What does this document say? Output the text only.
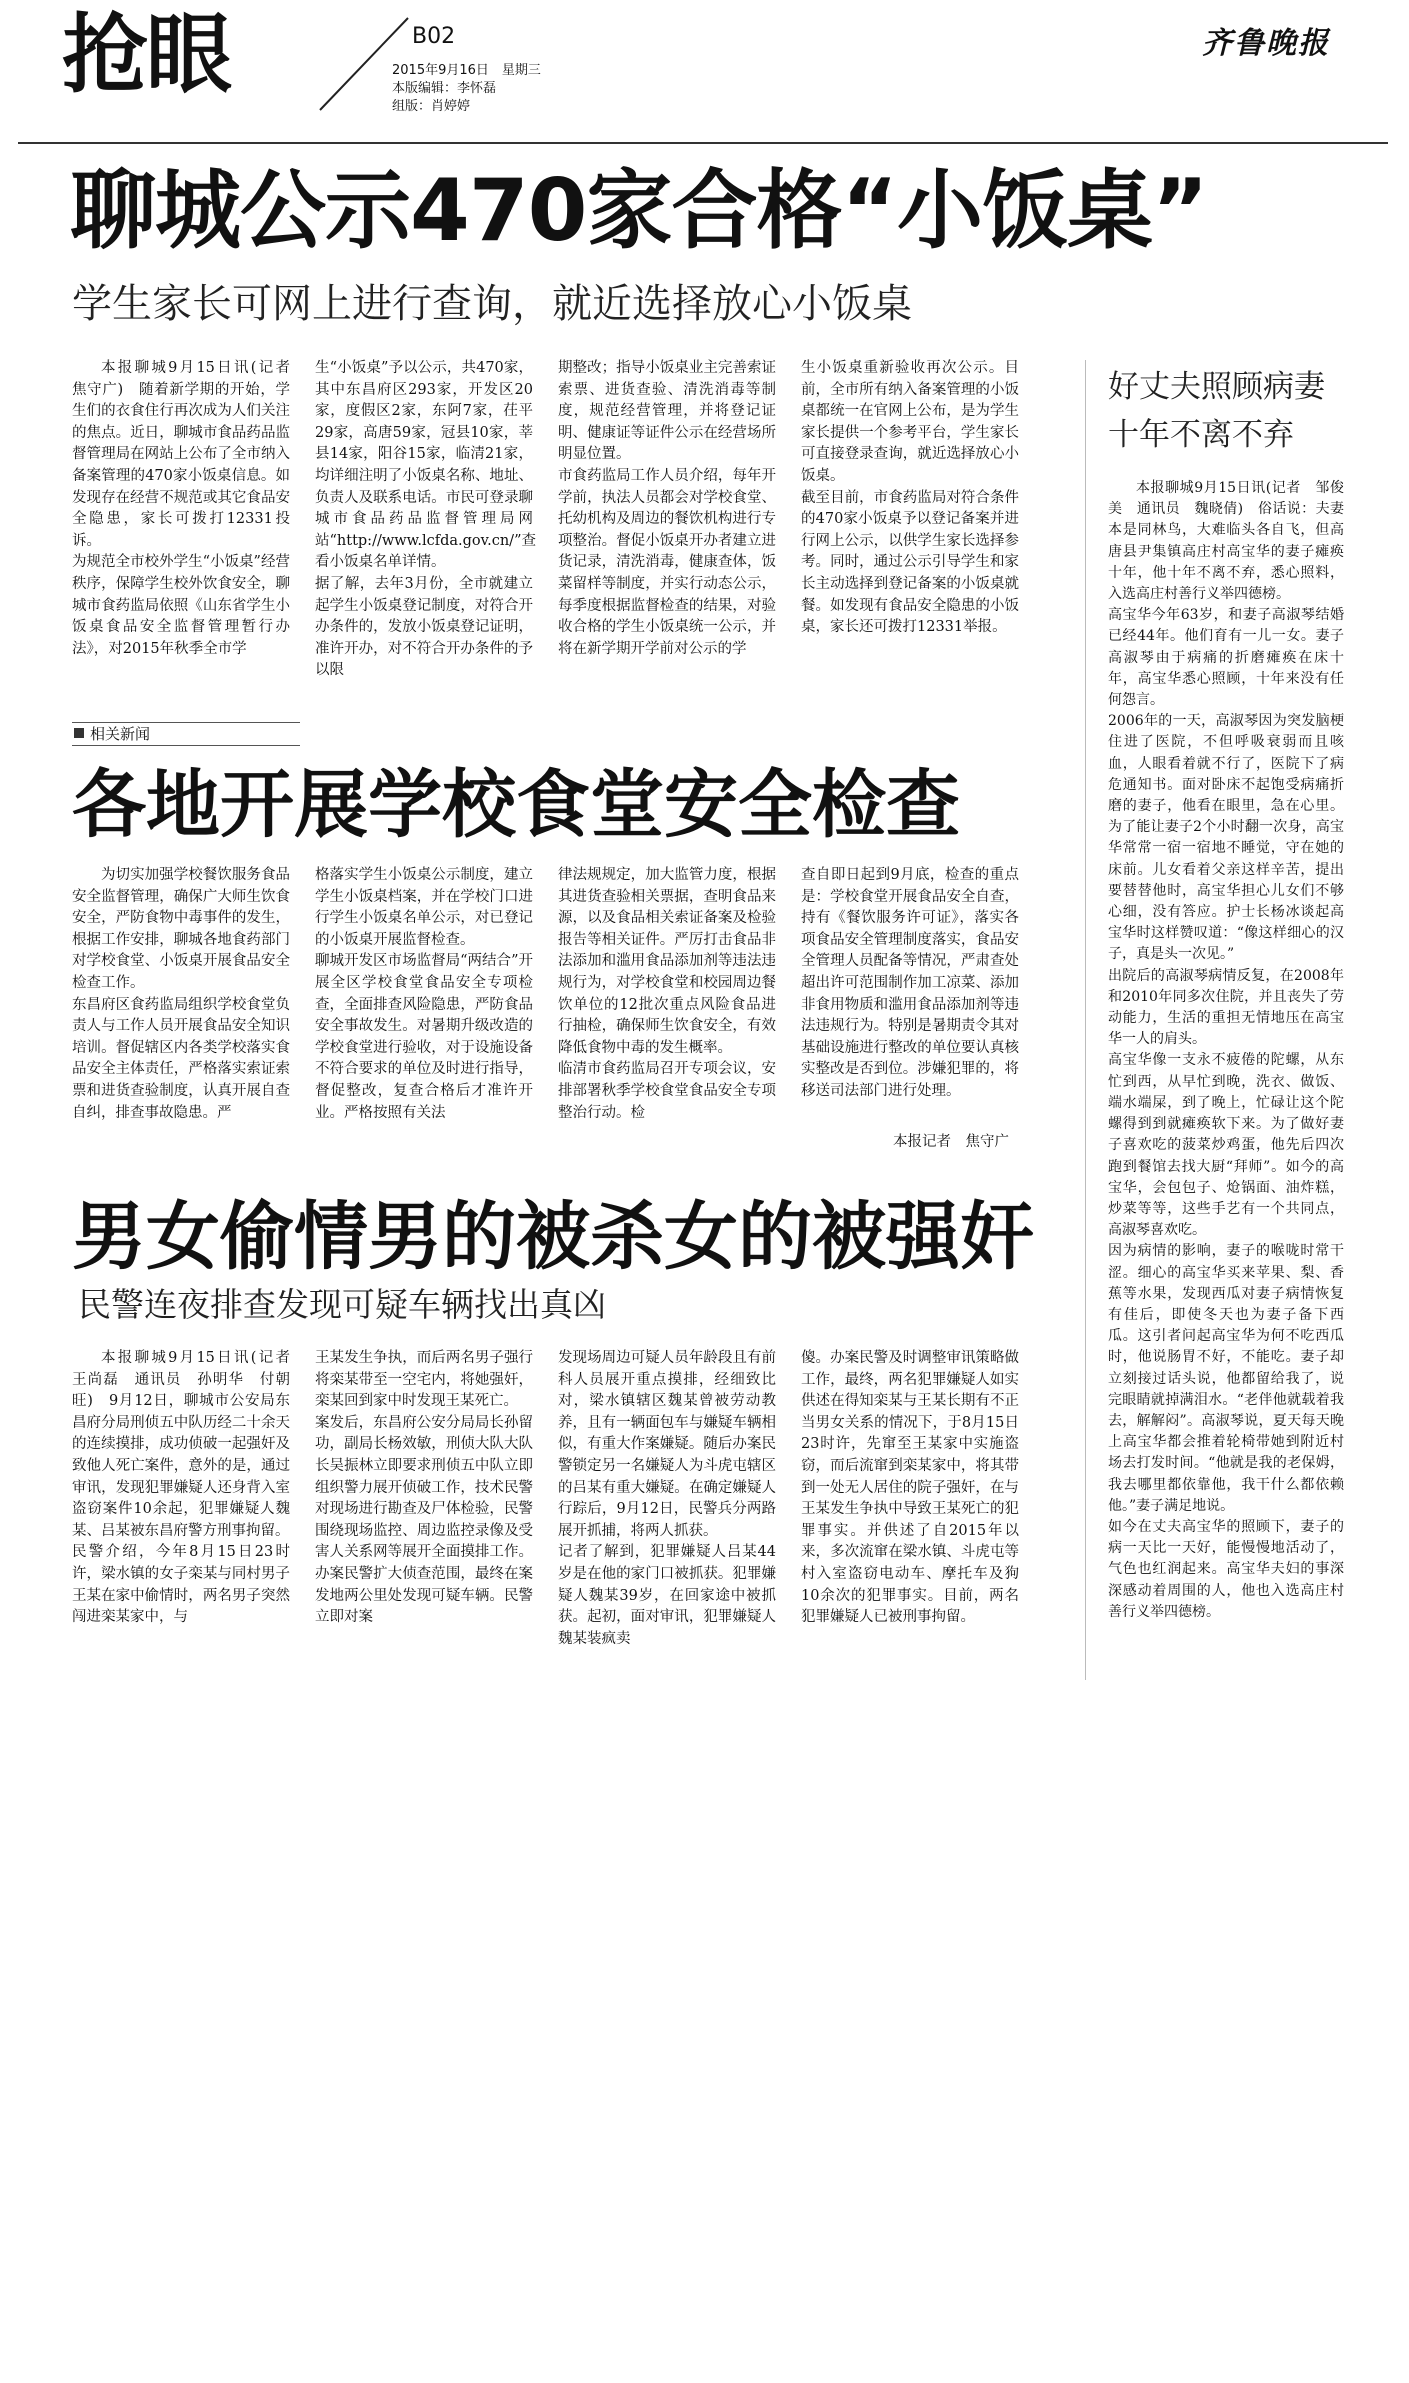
抢眼	B02
2015年9月16日　星期三
本版编辑：李怀磊
组版：肖婷婷
齐鲁晚报
聊城公示470家合格“小饭桌”
学生家长可网上进行查询，就近选择放心小饭桌
本报聊城9月15日讯(记者　焦守广)　随着新学期的开始，学生们的衣食住行再次成为人们关注的焦点。近日，聊城市食品药品监督管理局在网站上公布了全市纳入备案管理的470家小饭桌信息。如发现存在经营不规范或其它食品安全隐患，家长可拨打12331投诉。
为规范全市校外学生“小饭桌”经营秩序，保障学生校外饮食安全，聊城市食药监局依照《山东省学生小饭桌食品安全监督管理暂行办法》，对2015年秋季全市学
生“小饭桌”予以公示，共470家，其中东昌府区293家，开发区20家，度假区2家，东阿7家，茌平29家，高唐59家，冠县10家，莘县14家，阳谷15家，临清21家，均详细注明了小饭桌名称、地址、负责人及联系电话。市民可登录聊城市食品药品监督管理局网站“http://www.lcfda.gov.cn/”查看小饭桌名单详情。
据了解，去年3月份，全市就建立起学生小饭桌登记制度，对符合开办条件的，发放小饭桌登记证明，准许开办，对不符合开办条件的予以限
期整改；指导小饭桌业主完善索证索票、进货查验、清洗消毒等制度，规范经营管理，并将登记证明、健康证等证件公示在经营场所明显位置。
市食药监局工作人员介绍，每年开学前，执法人员都会对学校食堂、托幼机构及周边的餐饮机构进行专项整治。督促小饭桌开办者建立进货记录，清洗消毒，健康查体，饭菜留样等制度，并实行动态公示，每季度根据监督检查的结果，对验收合格的学生小饭桌统一公示，并将在新学期开学前对公示的学
生小饭桌重新验收再次公示。目前，全市所有纳入备案管理的小饭桌都统一在官网上公布，是为学生家长提供一个参考平台，学生家长可直接登录查询，就近选择放心小饭桌。
截至目前，市食药监局对符合条件的470家小饭桌予以登记备案并进行网上公示，以供学生家长选择参考。同时，通过公示引导学生和家长主动选择到登记备案的小饭桌就餐。如发现有食品安全隐患的小饭桌，家长还可拨打12331举报。
相关新闻
各地开展学校食堂安全检查
为切实加强学校餐饮服务食品安全监督管理，确保广大师生饮食安全，严防食物中毒事件的发生，根据工作安排，聊城各地食药部门对学校食堂、小饭桌开展食品安全检查工作。
东昌府区食药监局组织学校食堂负责人与工作人员开展食品安全知识培训。督促辖区内各类学校落实食品安全主体责任，严格落实索证索票和进货查验制度，认真开展自查自纠，排查事故隐患。严
格落实学生小饭桌公示制度，建立学生小饭桌档案，并在学校门口进行学生小饭桌名单公示，对已登记的小饭桌开展监督检查。
聊城开发区市场监督局“两结合”开展全区学校食堂食品安全专项检查，全面排查风险隐患，严防食品安全事故发生。对暑期升级改造的学校食堂进行验收，对于设施设备不符合要求的单位及时进行指导，督促整改，复查合格后才准许开业。严格按照有关法
律法规规定，加大监管力度，根据其进货查验相关票据，查明食品来源，以及食品相关索证备案及检验报告等相关证件。严厉打击食品非法添加和滥用食品添加剂等违法违规行为，对学校食堂和校园周边餐饮单位的12批次重点风险食品进行抽检，确保师生饮食安全，有效降低食物中毒的发生概率。
临清市食药监局召开专项会议，安排部署秋季学校食堂食品安全专项整治行动。检
查自即日起到9月底，检查的重点是：学校食堂开展食品安全自查，持有《餐饮服务许可证》，落实各项食品安全管理制度落实，食品安全管理人员配备等情况，严肃查处超出许可范围制作加工凉菜、添加非食用物质和滥用食品添加剂等违法违规行为。特别是暑期责令其对基础设施进行整改的单位要认真核实整改是否到位。涉嫌犯罪的，将移送司法部门进行处理。
本报记者　焦守广
男女偷情男的被杀女的被强奸
民警连夜排查发现可疑车辆找出真凶
本报聊城9月15日讯(记者　王尚磊　通讯员　孙明华　付朝旺)　9月12日，聊城市公安局东昌府分局刑侦五中队历经二十余天的连续摸排，成功侦破一起强奸及致他人死亡案件，意外的是，通过审讯，发现犯罪嫌疑人还身背入室盗窃案件10余起，犯罪嫌疑人魏某、吕某被东昌府警方刑事拘留。
民警介绍，今年8月15日23时许，梁水镇的女子栾某与同村男子王某在家中偷情时，两名男子突然闯进栾某家中，与
王某发生争执，而后两名男子强行将栾某带至一空宅内，将她强奸，栾某回到家中时发现王某死亡。
案发后，东昌府公安分局局长孙留功，副局长杨效敏，刑侦大队大队长吴振林立即要求刑侦五中队立即组织警力展开侦破工作，技术民警对现场进行勘查及尸体检验，民警围绕现场监控、周边监控录像及受害人关系网等展开全面摸排工作。办案民警扩大侦查范围，最终在案发地两公里处发现可疑车辆。民警立即对案
发现场周边可疑人员年龄段且有前科人员展开重点摸排，经细致比对，梁水镇辖区魏某曾被劳动教养，且有一辆面包车与嫌疑车辆相似，有重大作案嫌疑。随后办案民警锁定另一名嫌疑人为斗虎屯辖区的吕某有重大嫌疑。在确定嫌疑人行踪后，9月12日，民警兵分两路展开抓捕，将两人抓获。
记者了解到，犯罪嫌疑人吕某44岁是在他的家门口被抓获。犯罪嫌疑人魏某39岁，在回家途中被抓获。起初，面对审讯，犯罪嫌疑人魏某装疯卖
傻。办案民警及时调整审讯策略做工作，最终，两名犯罪嫌疑人如实供述在得知栾某与王某长期有不正当男女关系的情况下，于8月15日23时许，先窜至王某家中实施盗窃，而后流窜到栾某家中，将其带到一处无人居住的院子强奸，在与王某发生争执中导致王某死亡的犯罪事实。并供述了自2015年以来，多次流窜在梁水镇、斗虎屯等村入室盗窃电动车、摩托车及狗10余次的犯罪事实。目前，两名犯罪嫌疑人已被刑事拘留。
好丈夫照顾病妻
十年不离不弃
本报聊城9月15日讯(记者　邹俊美　通讯员　魏晓倩)　俗话说：夫妻本是同林鸟，大难临头各自飞，但高唐县尹集镇高庄村高宝华的妻子瘫痪十年，他十年不离不弃，悉心照料，入选高庄村善行义举四德榜。
高宝华今年63岁，和妻子高淑琴结婚已经44年。他们育有一儿一女。妻子高淑琴由于病痛的折磨瘫痪在床十年，高宝华悉心照顾，十年来没有任何怨言。
2006年的一天，高淑琴因为突发脑梗住进了医院，不但呼吸衰弱而且咳血，人眼看着就不行了，医院下了病危通知书。面对卧床不起饱受病痛折磨的妻子，他看在眼里，急在心里。为了能让妻子2个小时翻一次身，高宝华常常一宿一宿地不睡觉，守在她的床前。儿女看着父亲这样辛苦，提出要替替他时，高宝华担心儿女们不够心细，没有答应。护士长杨冰谈起高宝华时这样赞叹道：“像这样细心的汉子，真是头一次见。”
出院后的高淑琴病情反复，在2008年和2010年同多次住院，并且丧失了劳动能力，生活的重担无情地压在高宝华一人的肩头。
高宝华像一支永不疲倦的陀螺，从东忙到西，从早忙到晚，洗衣、做饭、端水端屎，到了晚上，忙碌让这个陀螺得到到就瘫痪软下来。为了做好妻子喜欢吃的菠菜炒鸡蛋，他先后四次跑到餐馆去找大厨“拜师”。如今的高宝华，会包包子、炝锅面、油炸糕，炒菜等等，这些手艺有一个共同点，高淑琴喜欢吃。
因为病情的影响，妻子的喉咙时常干涩。细心的高宝华买来苹果、梨、香蕉等水果，发现西瓜对妻子病情恢复有佳后，即使冬天也为妻子备下西瓜。这引者问起高宝华为何不吃西瓜时，他说肠胃不好，不能吃。妻子却立刻接过话头说，他都留给我了，说完眼睛就掉满泪水。“老伴他就载着我去，解解闷”。高淑琴说，夏天每天晚上高宝华都会推着轮椅带她到附近村场去打发时间。“他就是我的老保姆，我去哪里都依靠他，我干什么都依赖他。”妻子满足地说。
如今在丈夫高宝华的照顾下，妻子的病一天比一天好，能慢慢地活动了，气色也红润起来。高宝华夫妇的事深深感动着周围的人，他也入选高庄村善行义举四德榜。
